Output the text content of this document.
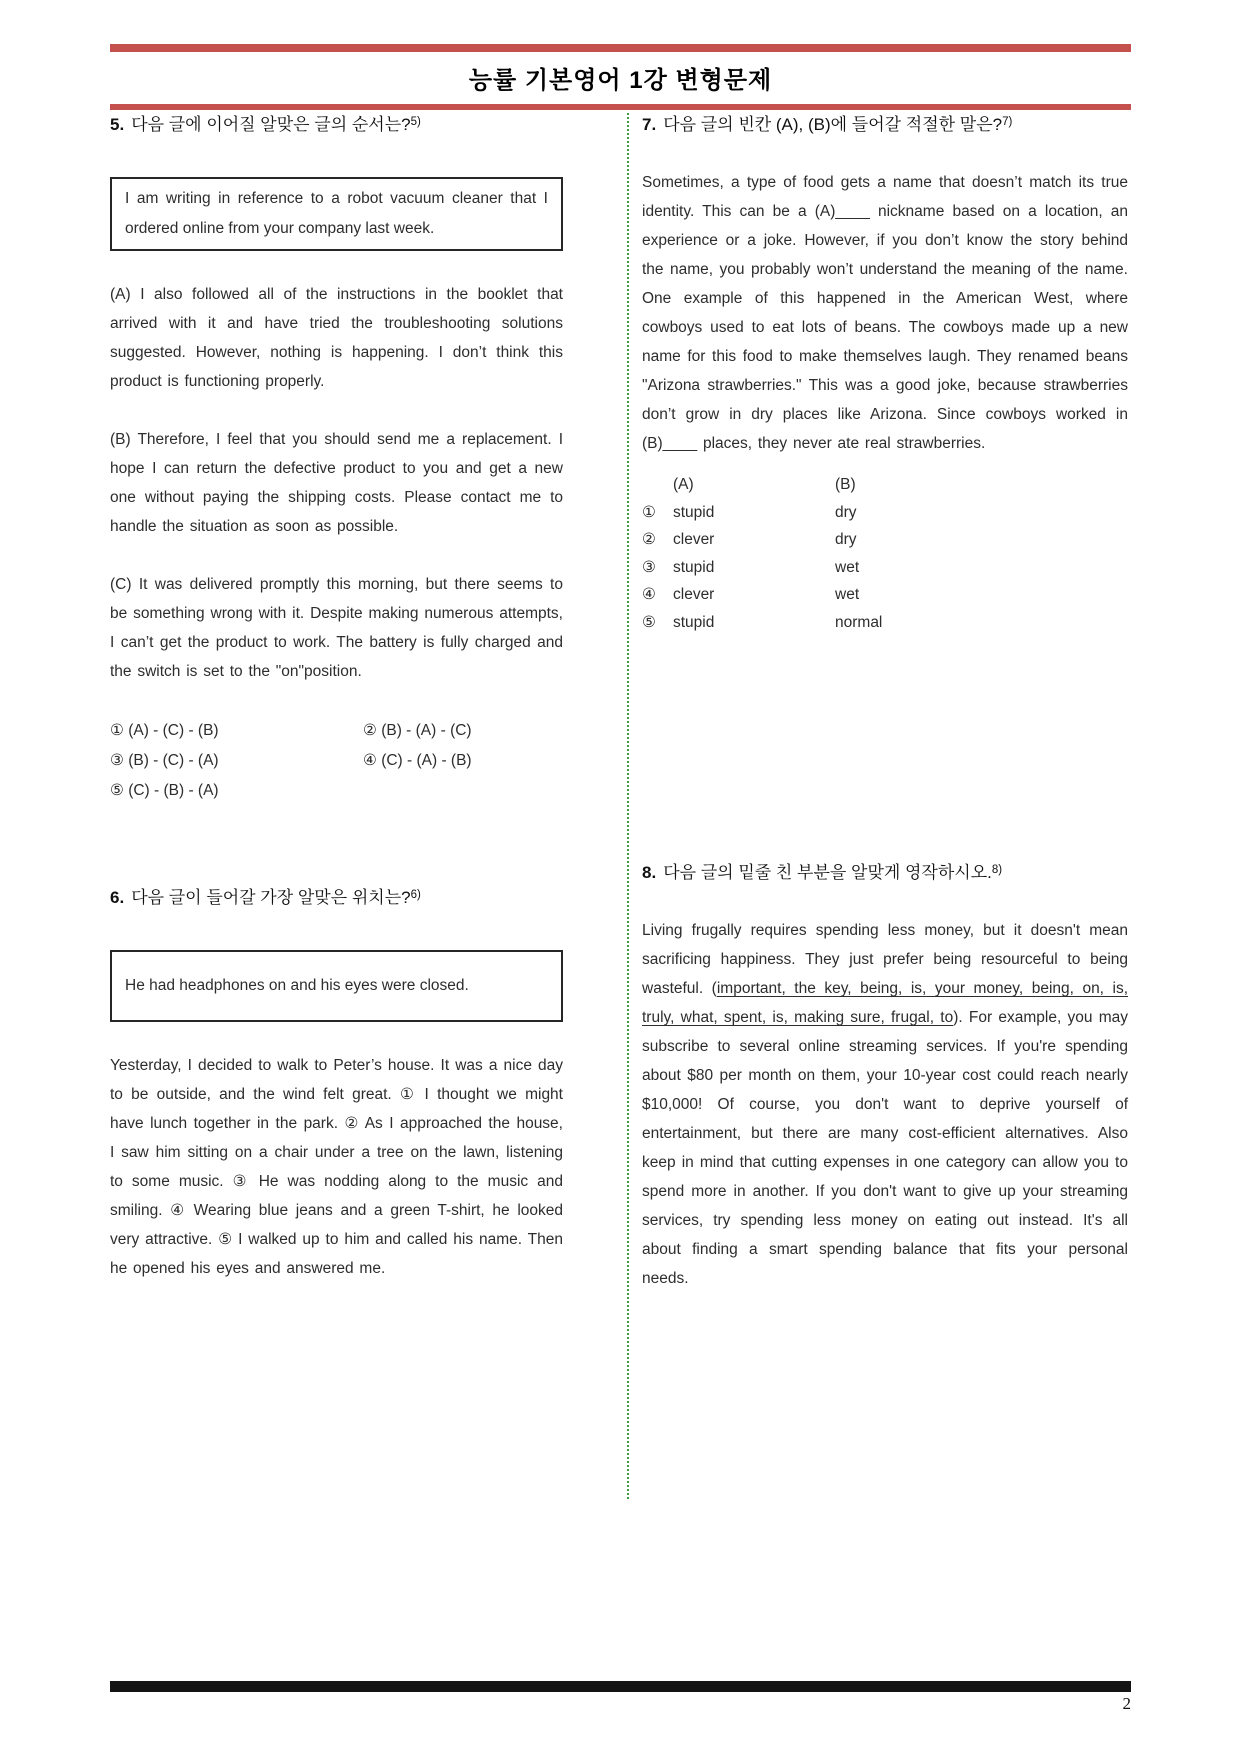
능률 기본영어 1강 변형문제
5. 다음 글에 이어질 알맞은 글의 순서는?$^{5)}$
I am writing in reference to a robot vacuum cleaner that I ordered online from your company last week.
(A) I also followed all of the instructions in the booklet that arrived with it and have tried the troubleshooting solutions suggested. However, nothing is happening. I don’t think this product is functioning properly.
(B) Therefore, I feel that you should send me a replacement. I hope I can return the defective product to you and get a new one without paying the shipping costs. Please contact me to handle the situation as soon as possible.
(C) It was delivered promptly this morning, but there seems to be something wrong with it. Despite making numerous attempts, I can’t get the product to work. The battery is fully charged and the switch is set to the "on"position.
① (A) - (C) - (B)	② (B) - (A) - (C)
③ (B) - (C) - (A)	④ (C) - (A) - (B)
⑤ (C) - (B) - (A)
6. 다음 글이 들어갈 가장 알맞은 위치는?$^{6)}$
He had headphones on and his eyes were closed.
Yesterday, I decided to walk to Peter’s house. It was a nice day to be outside, and the wind felt great. ① I thought we might have lunch together in the park. ② As I approached the house, I saw him sitting on a chair under a tree on the lawn, listening to some music. ③ He was nodding along to the music and smiling. ④ Wearing blue jeans and a green T-shirt, he looked very attractive. ⑤ I walked up to him and called his name. Then he opened his eyes and answered me.
7. 다음 글의 빈칸 (A), (B)에 들어갈 적절한 말은?$^{7)}$
Sometimes, a type of food gets a name that doesn’t match its true identity. This can be a (A)____ nickname based on a location, an experience or a joke. However, if you don’t know the story behind the name, you probably won’t understand the meaning of the name. One example of this happened in the American West, where cowboys used to eat lots of beans. The cowboys made up a new name for this food to make themselves laugh. They renamed beans "Arizona strawberries." This was a good joke, because strawberries don’t grow in dry places like Arizona. Since cowboys worked in (B)____ places, they never ate real strawberries.
(A)	(B)
① stupid	dry
② clever	dry
③ stupid	wet
④ clever	wet
⑤ stupid	normal
8. 다음 글의 밑줄 친 부분을 알맞게 영작하시오.$^{8)}$
Living frugally requires spending less money, but it doesn't mean sacrificing happiness. They just prefer being resourceful to being wasteful. (important, the key, being, is, your money, being, on, is, truly, what, spent, is, making sure, frugal, to). For example, you may subscribe to several online streaming services. If you're spending about $80 per month on them, your 10-year cost could reach nearly $10,000! Of course, you don't want to deprive yourself of entertainment, but there are many cost-efficient alternatives. Also keep in mind that cutting expenses in one category can allow you to spend more in another. If you don't want to give up your streaming services, try spending less money on eating out instead. It's all about finding a smart spending balance that fits your personal needs.
2
